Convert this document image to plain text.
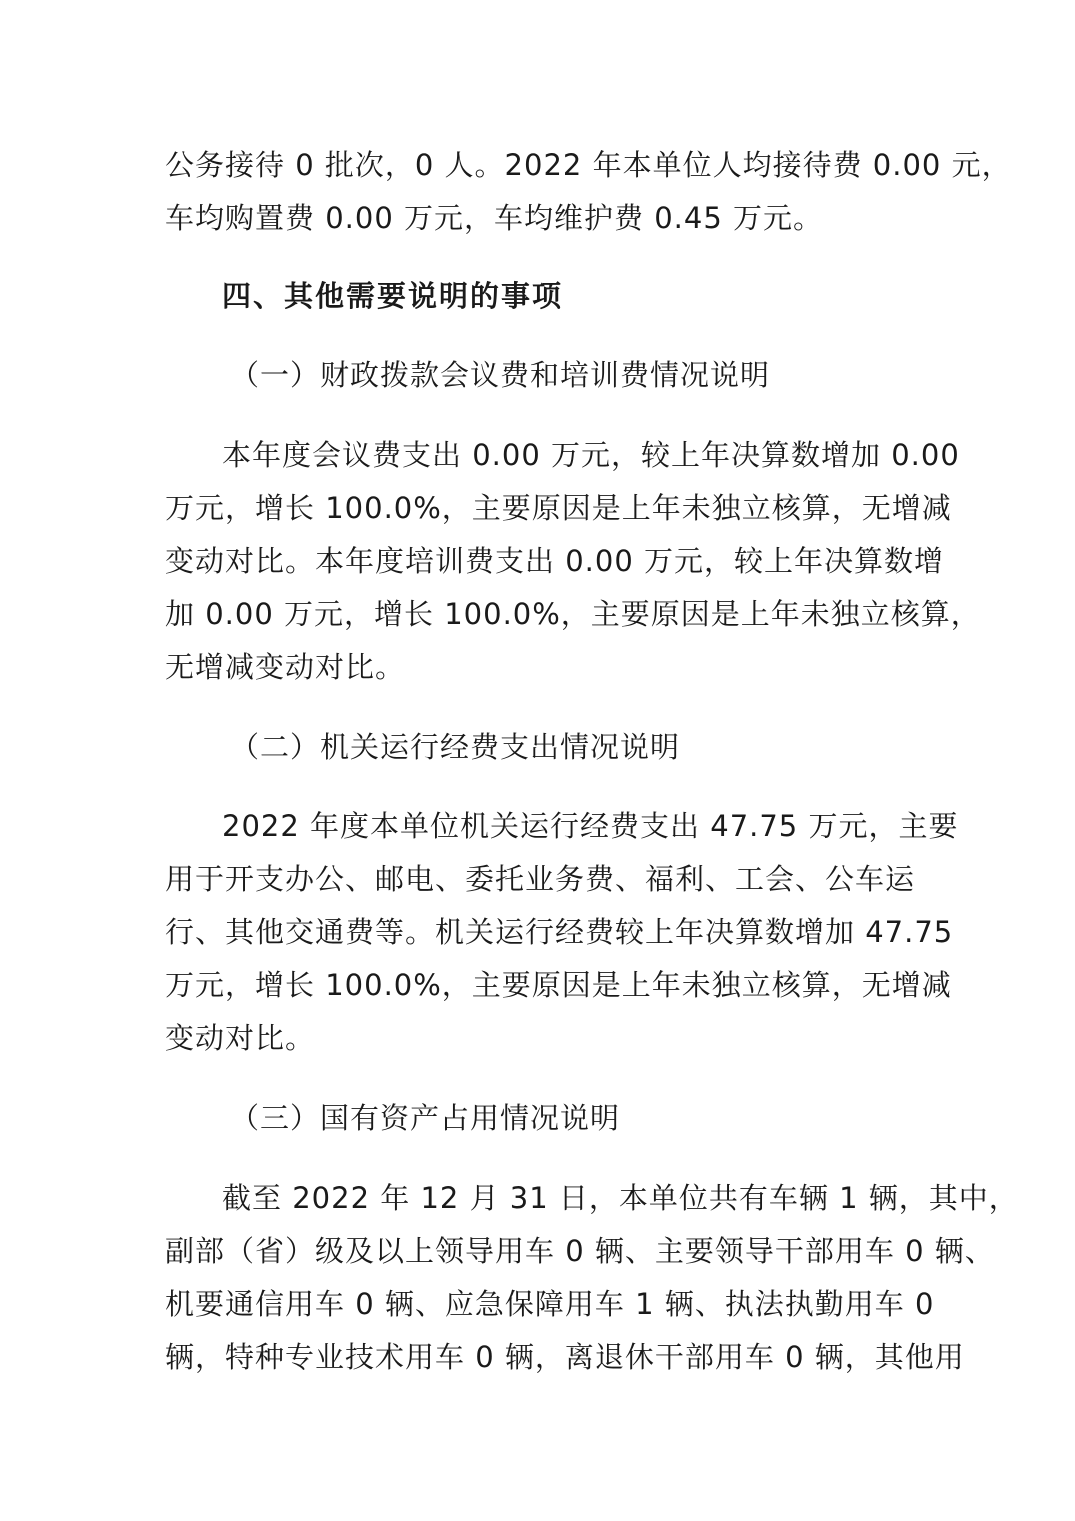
公务接待 0 批次，0 人。2022 年本单位人均接待费 0.00 元，
车均购置费 0.00 万元，车均维护费 0.45 万元。
四、其他需要说明的事项
（一）财政拨款会议费和培训费情况说明
本年度会议费支出 0.00 万元，较上年决算数增加 0.00
万元，增长 100.0%，主要原因是上年未独立核算，无增减
变动对比。本年度培训费支出 0.00 万元，较上年决算数增
加 0.00 万元，增长 100.0%，主要原因是上年未独立核算，
无增减变动对比。
（二）机关运行经费支出情况说明
2022 年度本单位机关运行经费支出 47.75 万元，主要
用于开支办公、邮电、委托业务费、福利、工会、公车运
行、其他交通费等。机关运行经费较上年决算数增加 47.75
万元，增长 100.0%，主要原因是上年未独立核算，无增减
变动对比。
（三）国有资产占用情况说明
截至 2022 年 12 月 31 日，本单位共有车辆 1 辆，其中，
副部（省）级及以上领导用车 0 辆、主要领导干部用车 0 辆、
机要通信用车 0 辆、应急保障用车 1 辆、执法执勤用车 0
辆，特种专业技术用车 0 辆，离退休干部用车 0 辆，其他用
